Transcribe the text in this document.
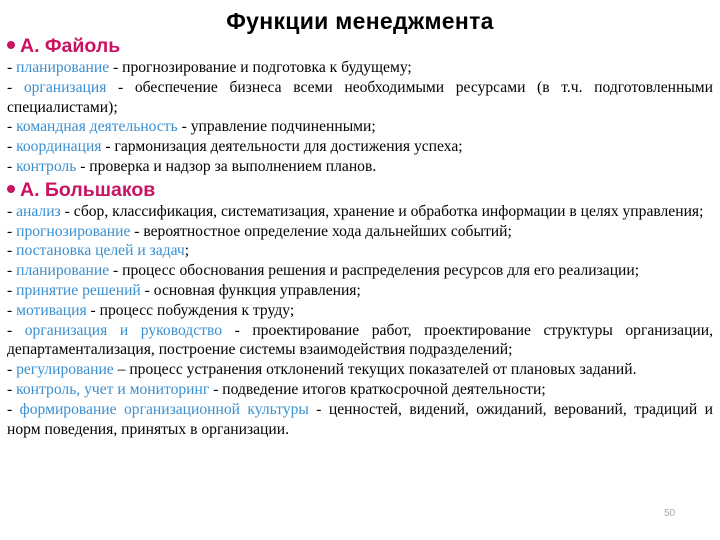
Функции менеджмента
А. Файоль

- планирование - прогнозирование и подготовка к будущему;

- организация - обеспечение бизнеса всеми необходимыми ресурсами (в т.ч. подготовленными специалистами);

- командная деятельность - управление подчиненными;

- координация - гармонизация деятельности для достижения успеха;

- контроль - проверка и надзор за выполнением планов.

А. Большаков

- анализ - сбор, классификация, систематизация, хранение и обработка информации в целях управления;

- прогнозирование - вероятностное определение хода дальнейших событий;

- постановка целей и задач;

- планирование - процесс обоснования решения и распределения ресурсов для его реализации;

- принятие решений - основная функция управления;

- мотивация - процесс побуждения к труду;

- организация и руководство - проектирование работ, проектирование структуры организации, департаментализация, построение системы взаимодействия подразделений;

- регулирование – процесс устранения отклонений текущих показателей от плановых заданий.

- контроль, учет и мониторинг - подведение итогов краткосрочной деятельности;

- формирование организационной культуры - ценностей, видений, ожиданий, верований, традиций и норм поведения, принятых в организации.

50
